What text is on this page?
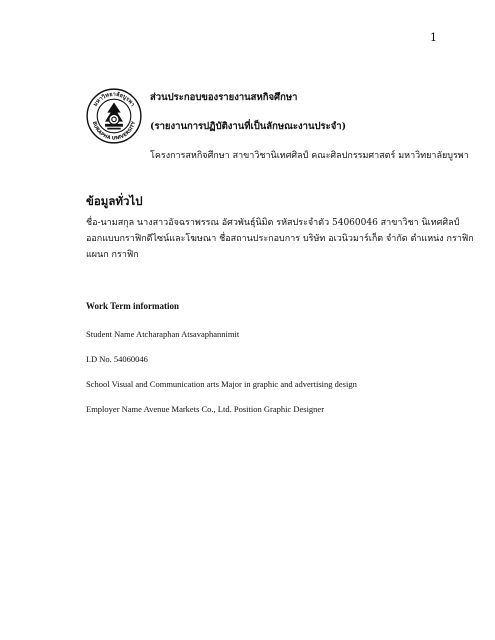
1
มหาวิทยาลัยบูรพา
BURAPHA UNIVERSITY

ส่วนประกอบของรายงานสหกิจศึกษา

(รายงานการปฏิบัติงานที่เป็นลักษณะงานประจำ)

โครงการสหกิจศึกษา สาขาวิชานิเทศศิลป์ คณะศิลปกรรมศาสตร์ มหาวิทยาลัยบูรพา

ข้อมูลทั่วไป
ชื่อ-นามสกุล นางสาวอัจฉราพรรณ อัศวพันธุ์นิมิต รหัสประจำตัว 54060046 สาขาวิชา นิเทศศิลป์
ออกแบบกราฟิกดีไซน์และโฆษณา ชื่อสถานประกอบการ บริษัท อเวนิวมาร์เก็ต จำกัด ตำแหน่ง กราฟิก
แผนก กราฟิก
Work Term information
Student Name Atcharaphan Atsavaphannimit
I.D No. 54060046
School Visual and Communication arts Major in graphic and advertising design
Employer Name Avenue Markets Co., Ltd. Position Graphic Designer
